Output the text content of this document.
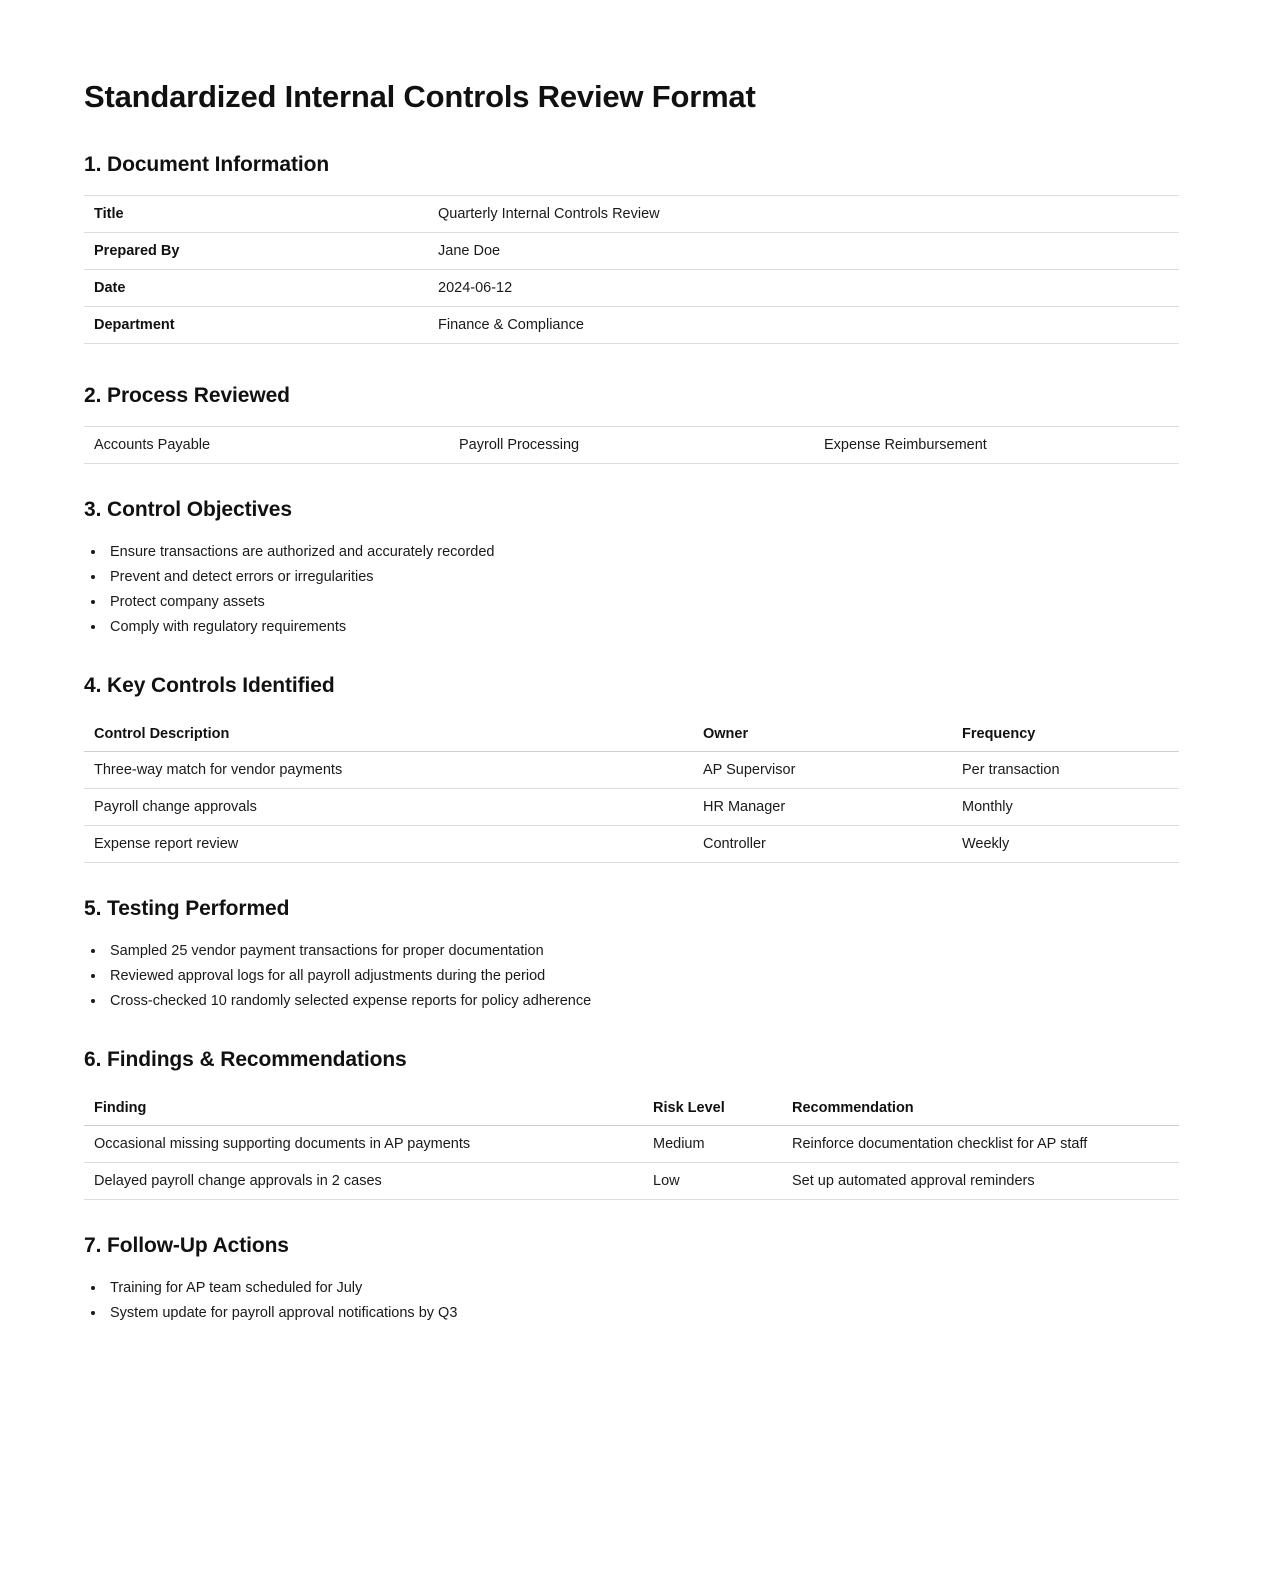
Standardized Internal Controls Review Format
1. Document Information
Title	Quarterly Internal Controls Review
Prepared By	Jane Doe
Date	2024-06-12
Department	Finance & Compliance
2. Process Reviewed
Accounts Payable	Payroll Processing	Expense Reimbursement
3. Control Objectives
• Ensure transactions are authorized and accurately recorded
• Prevent and detect errors or irregularities
• Protect company assets
• Comply with regulatory requirements
4. Key Controls Identified
Control Description	Owner	Frequency
Three-way match for vendor payments	AP Supervisor	Per transaction
Payroll change approvals	HR Manager	Monthly
Expense report review	Controller	Weekly
5. Testing Performed
• Sampled 25 vendor payment transactions for proper documentation
• Reviewed approval logs for all payroll adjustments during the period
• Cross-checked 10 randomly selected expense reports for policy adherence
6. Findings & Recommendations
Finding	Risk Level	Recommendation
Occasional missing supporting documents in AP payments	Medium	Reinforce documentation checklist for AP staff
Delayed payroll change approvals in 2 cases	Low	Set up automated approval reminders
7. Follow-Up Actions
• Training for AP team scheduled for July
• System update for payroll approval notifications by Q3
